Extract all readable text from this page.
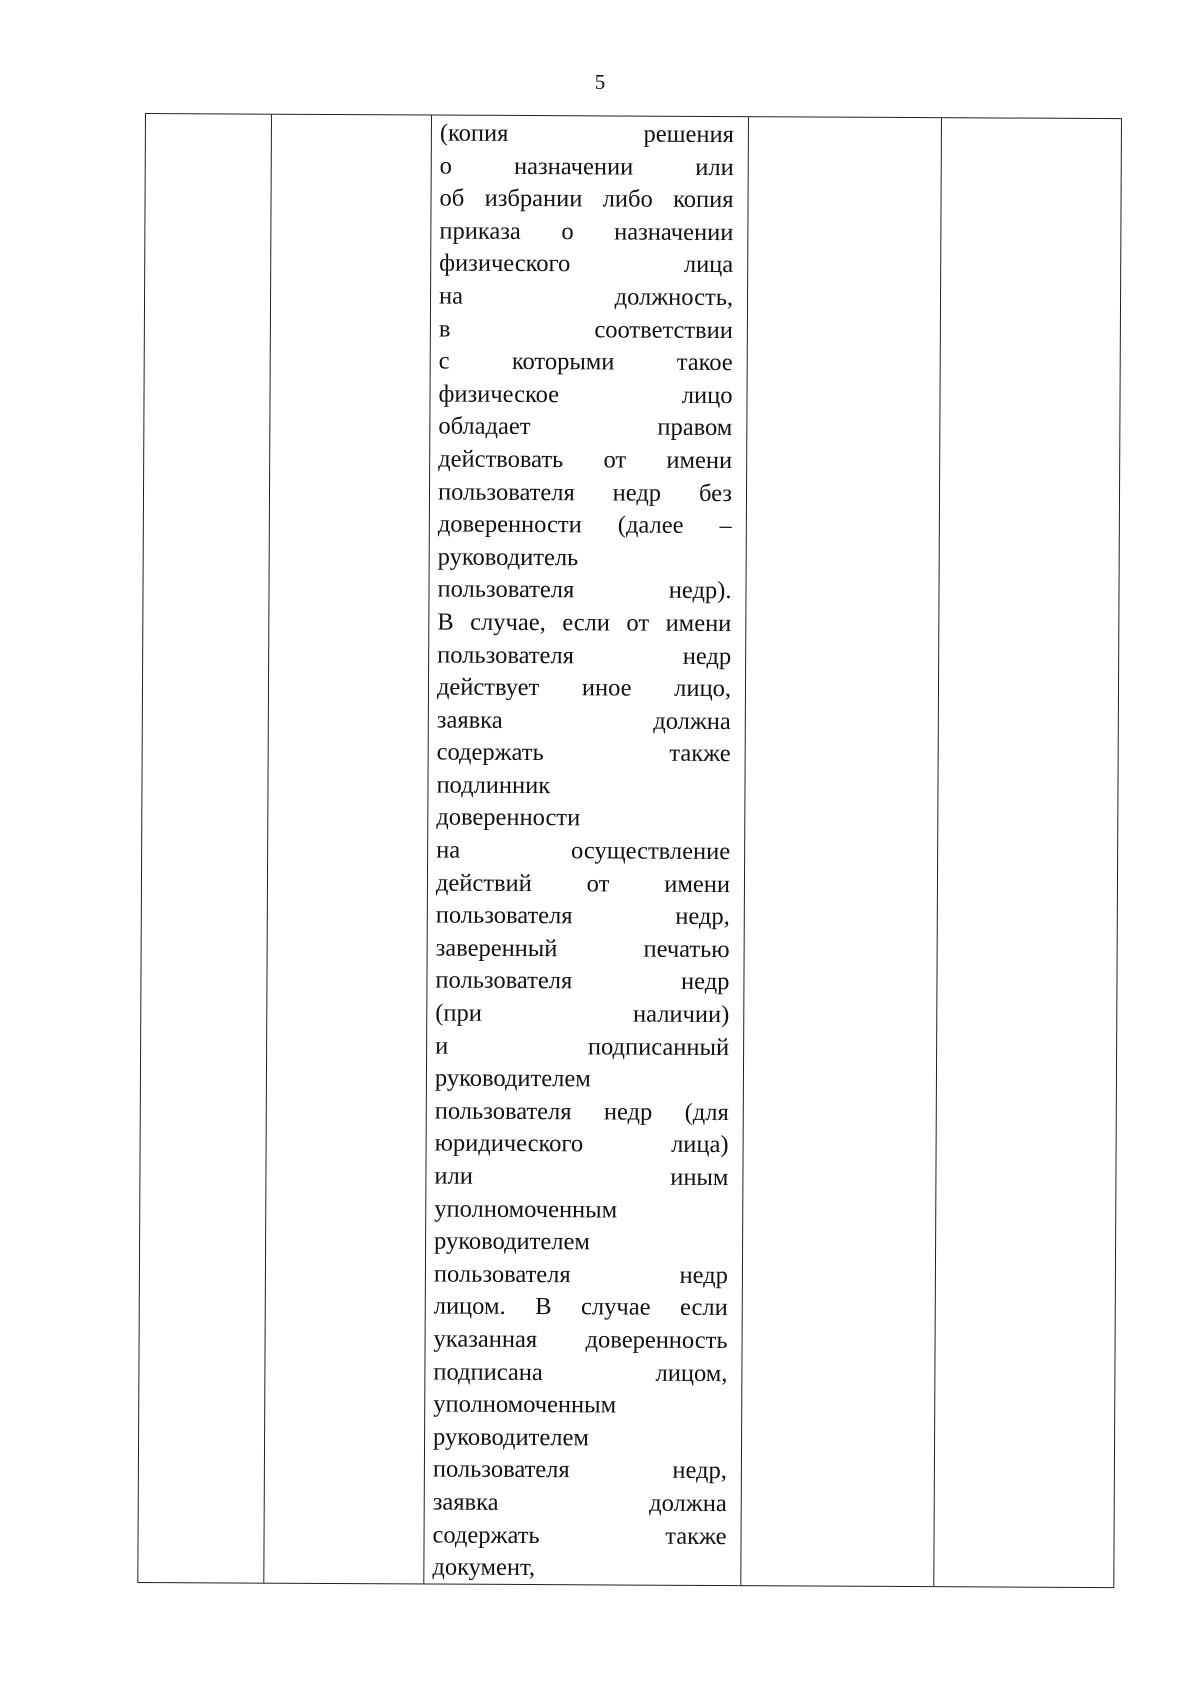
5
(копия решения
о назначении или
об избрании либо копия
приказа о назначении
физического лица
на должность,
в соответствии
с которыми такое
физическое лицо
обладает правом
действовать от имени
пользователя недр без
доверенности (далее –
руководитель
пользователя недр).
В случае, если от имени
пользователя недр
действует иное лицо,
заявка должна
содержать также
подлинник
доверенности
на осуществление
действий от имени
пользователя недр,
заверенный печатью
пользователя недр
(при наличии)
и подписанный
руководителем
пользователя недр (для
юридического лица)
или иным
уполномоченным
руководителем
пользователя недр
лицом. В случае если
указанная доверенность
подписана лицом,
уполномоченным
руководителем
пользователя недр,
заявка должна
содержать также
документ,
